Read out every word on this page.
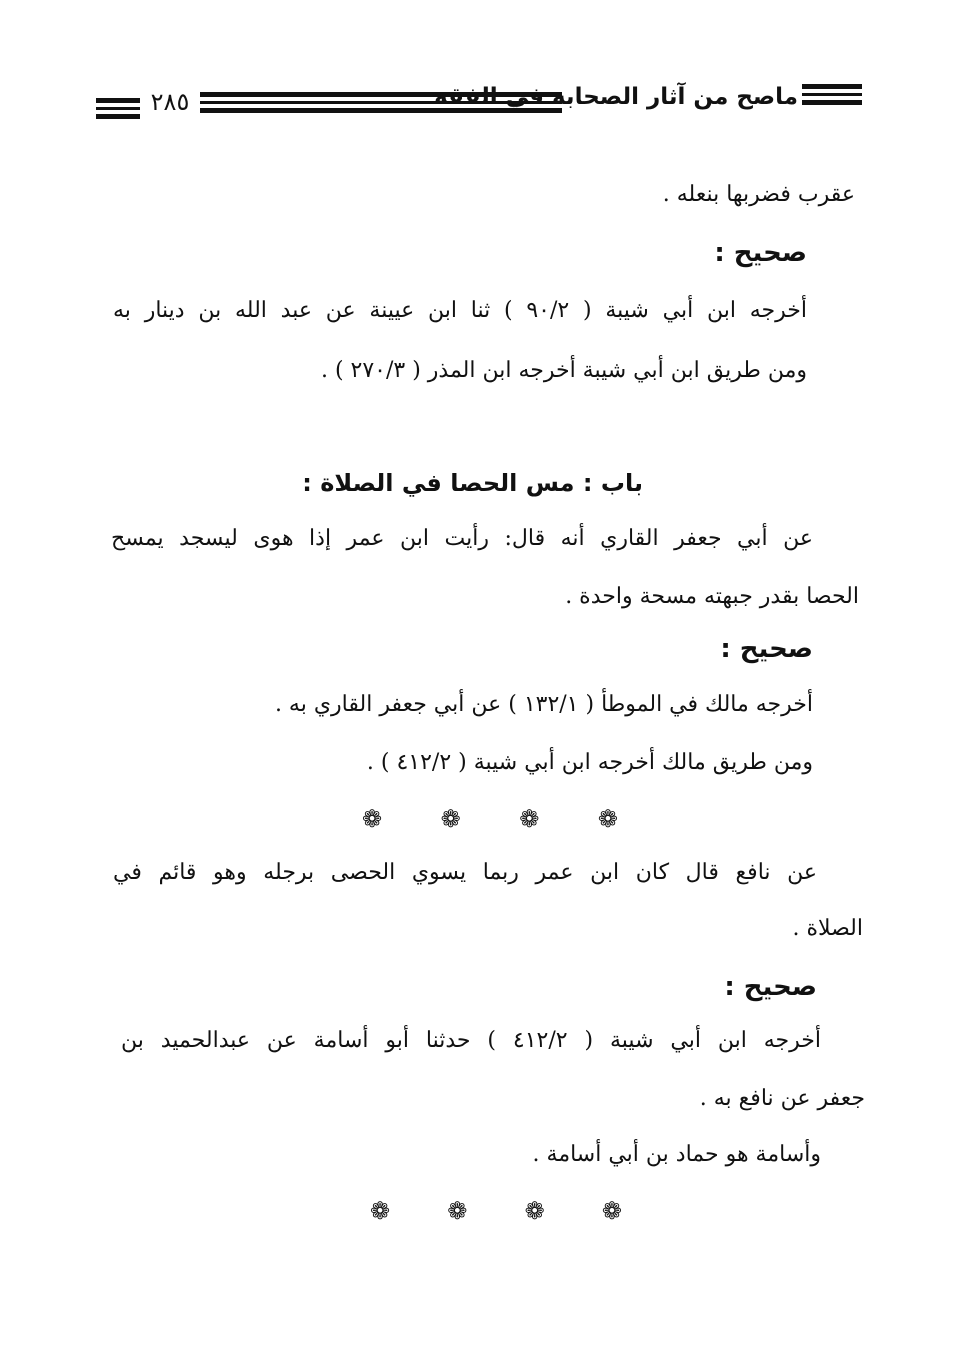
٢٨٥	ماصح من آثار الصحابة في الفقه
عقرب فضربها بنعله .
صحيح :
أخرجه ابن أبي شيبة ( ٩٠/٢ ) ثنا ابن عيينة عن عبد الله بن دينار به
ومن طريق ابن أبي شيبة أخرجه ابن المذر ( ٢٧٠/٣ ) .
باب : مس الحصا في الصلاة :
عن أبي جعفر القاري أنه قال: رأيت ابن عمر إذا هوى ليسجد يمسح
الحصا بقدر جبهته مسحة واحدة .
صحيح :
أخرجه مالك في الموطأ ( ١٣٢/١ ) عن أبي جعفر القاري به .
ومن طريق مالك أخرجه ابن أبي شيبة ( ٤١٢/٢ ) .
❁ ❁ ❁ ❁
عن نافع قال كان ابن عمر ربما يسوي الحصى برجله وهو قائم في
الصلاة .
صحيح :
أخرجه ابن أبي شيبة ( ٤١٢/٢ ) حدثنا أبو أسامة عن عبدالحميد بن
جعفر عن نافع به .
وأسامة هو حماد بن أبي أسامة .
❁ ❁ ❁ ❁
